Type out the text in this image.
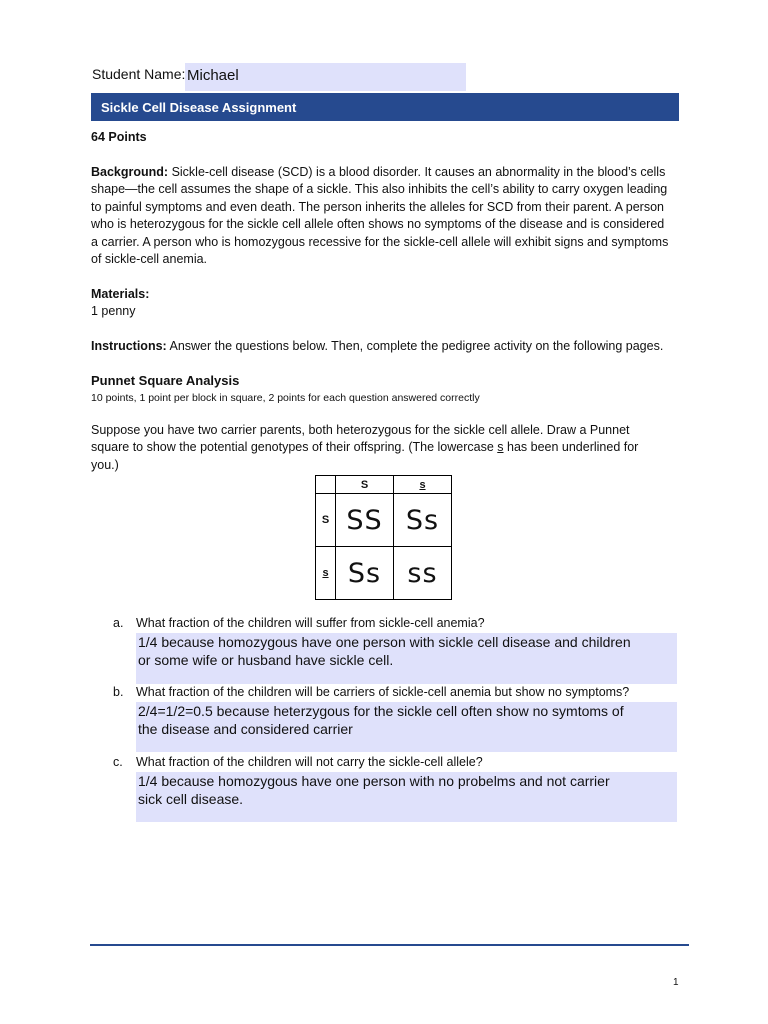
Student Name: Michael
Sickle Cell Disease Assignment
64 Points
Background: Sickle-cell disease (SCD) is a blood disorder. It causes an abnormality in the blood’s cells
shape—the cell assumes the shape of a sickle. This also inhibits the cell’s ability to carry oxygen leading
to painful symptoms and even death. The person inherits the alleles for SCD from their parent. A person
who is heterozygous for the sickle cell allele often shows no symptoms of the disease and is considered
a carrier. A person who is homozygous recessive for the sickle-cell allele will exhibit signs and symptoms
of sickle-cell anemia.
Materials:
1 penny
Instructions: Answer the questions below. Then, complete the pedigree activity on the following pages.
Punnet Square Analysis
10 points, 1 point per block in square, 2 points for each question answered correctly
Suppose you have two carrier parents, both heterozygous for the sickle cell allele. Draw a Punnet
square to show the potential genotypes of their offspring. (The lowercase s has been underlined for
you.)
	S	s
S	SS	Ss
s	Ss	ss
a. What fraction of the children will suffer from sickle-cell anemia?
1/4 because homozygous have one person with sickle cell disease and children
or some wife or husband have sickle cell.
b. What fraction of the children will be carriers of sickle-cell anemia but show no symptoms?
2/4=1/2=0.5 because heterzygous for the sickle cell often show no symtoms of
the disease and considered carrier
c. What fraction of the children will not carry the sickle-cell allele?
1/4 because homozygous have one person with no probelms and not carrier
sick cell disease.
1
